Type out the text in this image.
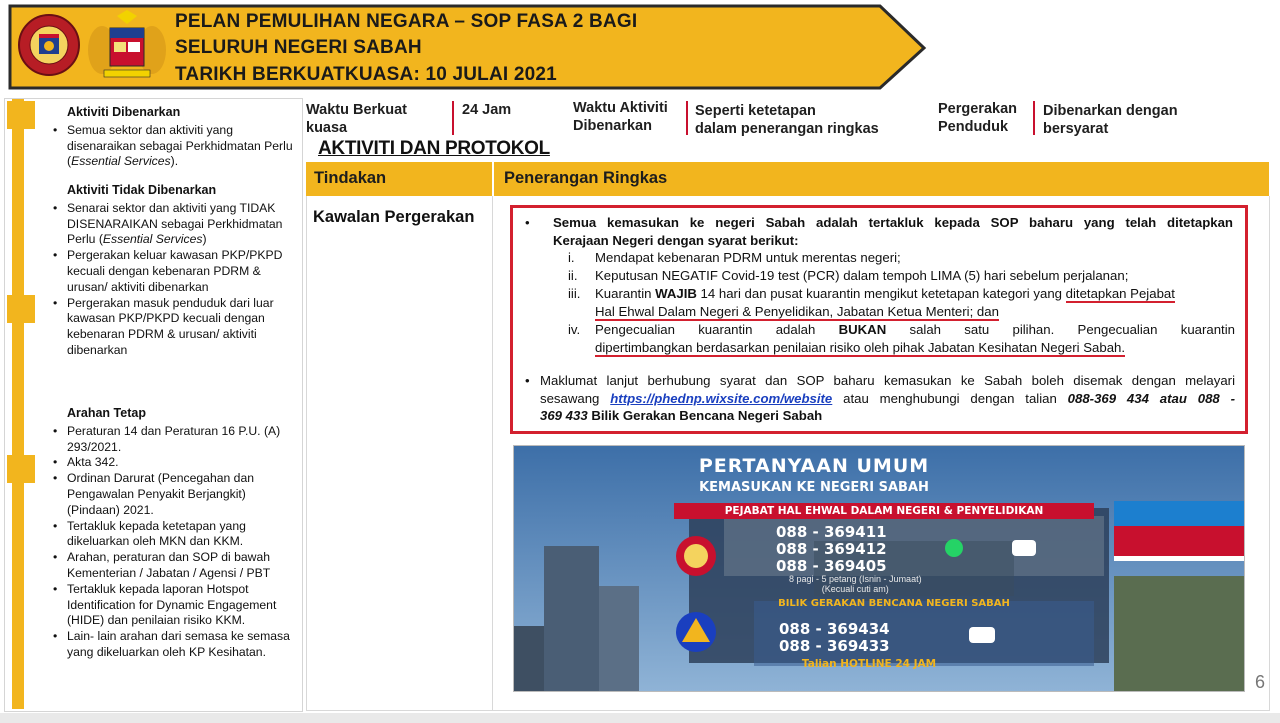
PELAN PEMULIHAN NEGARA – SOP FASA 2 BAGI
SELURUH NEGERI SABAH
TARIKH BERKUATKUASA: 10 JULAI 2021
Aktiviti Dibenarkan
• Semua sektor dan aktiviti yang disenaraikan sebagai Perkhidmatan Perlu (Essential Services).
Aktiviti Tidak Dibenarkan
• Senarai sektor dan aktiviti yang TIDAK DISENARAIKAN sebagai Perkhidmatan Perlu (Essential Services)
• Pergerakan keluar kawasan PKP/PKPD kecuali dengan kebenaran PDRM & urusan/ aktiviti dibenarkan
• Pergerakan masuk penduduk dari luar kawasan PKP/PKPD kecuali dengan kebenaran PDRM & urusan/ aktiviti dibenarkan
Arahan Tetap
• Peraturan 14 dan Peraturan 16 P.U. (A) 293/2021.
• Akta 342.
• Ordinan Darurat (Pencegahan dan Pengawalan Penyakit Berjangkit) (Pindaan) 2021.
• Tertakluk kepada ketetapan yang dikeluarkan oleh MKN dan KKM.
• Arahan, peraturan dan SOP di bawah Kementerian / Jabatan / Agensi / PBT
• Tertakluk kepada laporan Hotspot Identification for Dynamic Engagement (HIDE) dan penilaian risiko KKM.
• Lain- lain arahan dari semasa ke semasa yang dikeluarkan oleh KP Kesihatan.
Waktu Berkuat
kuasa
24 Jam	Waktu Aktiviti
Dibenarkan
Seperti ketetapan
dalam penerangan ringkas
Pergerakan
Penduduk
Dibenarkan dengan
bersyarat
AKTIVITI DAN PROTOKOL
Tindakan	Penerangan Ringkas
Kawalan Pergerakan	• Semua kemasukan ke negeri Sabah adalah tertakluk kepada SOP baharu yang telah ditetapkan
Kerajaan Negeri dengan syarat berikut:
i. Mendapat kebenaran PDRM untuk merentas negeri;
ii. Keputusan NEGATIF Covid-19 test (PCR) dalam tempoh LIMA (5) hari sebelum perjalanan;
iii. Kuarantin WAJIB 14 hari dan pusat kuarantin mengikut ketetapan kategori yang ditetapkan Pejabat
Hal Ehwal Dalam Negeri & Penyelidikan, Jabatan Ketua Menteri; dan
iv. Pengecualian kuarantin adalah BUKAN salah satu pilihan. Pengecualian kuarantin
dipertimbangkan berdasarkan penilaian risiko oleh pihak Jabatan Kesihatan Negeri Sabah.
• Maklumat lanjut berhubung syarat dan SOP baharu kemasukan ke Sabah boleh disemak dengan melayari
sesawang https://phednp.wixsite.com/website atau menghubungi dengan talian 088-369 434 atau 088 -
369 433 Bilik Gerakan Bencana Negeri Sabah
PERTANYAAN UMUM
KEMASUKAN KE NEGERI SABAH
PEJABAT HAL EHWAL DALAM NEGERI & PENYELIDIKAN
088 - 369411
088 - 369412
088 - 369405
8 pagi - 5 petang (Isnin - Jumaat)
(Kecuali cuti am)
BILIK GERAKAN BENCANA NEGERI SABAH
088 - 369434
088 - 369433
Talian HOTLINE 24 JAM
6
